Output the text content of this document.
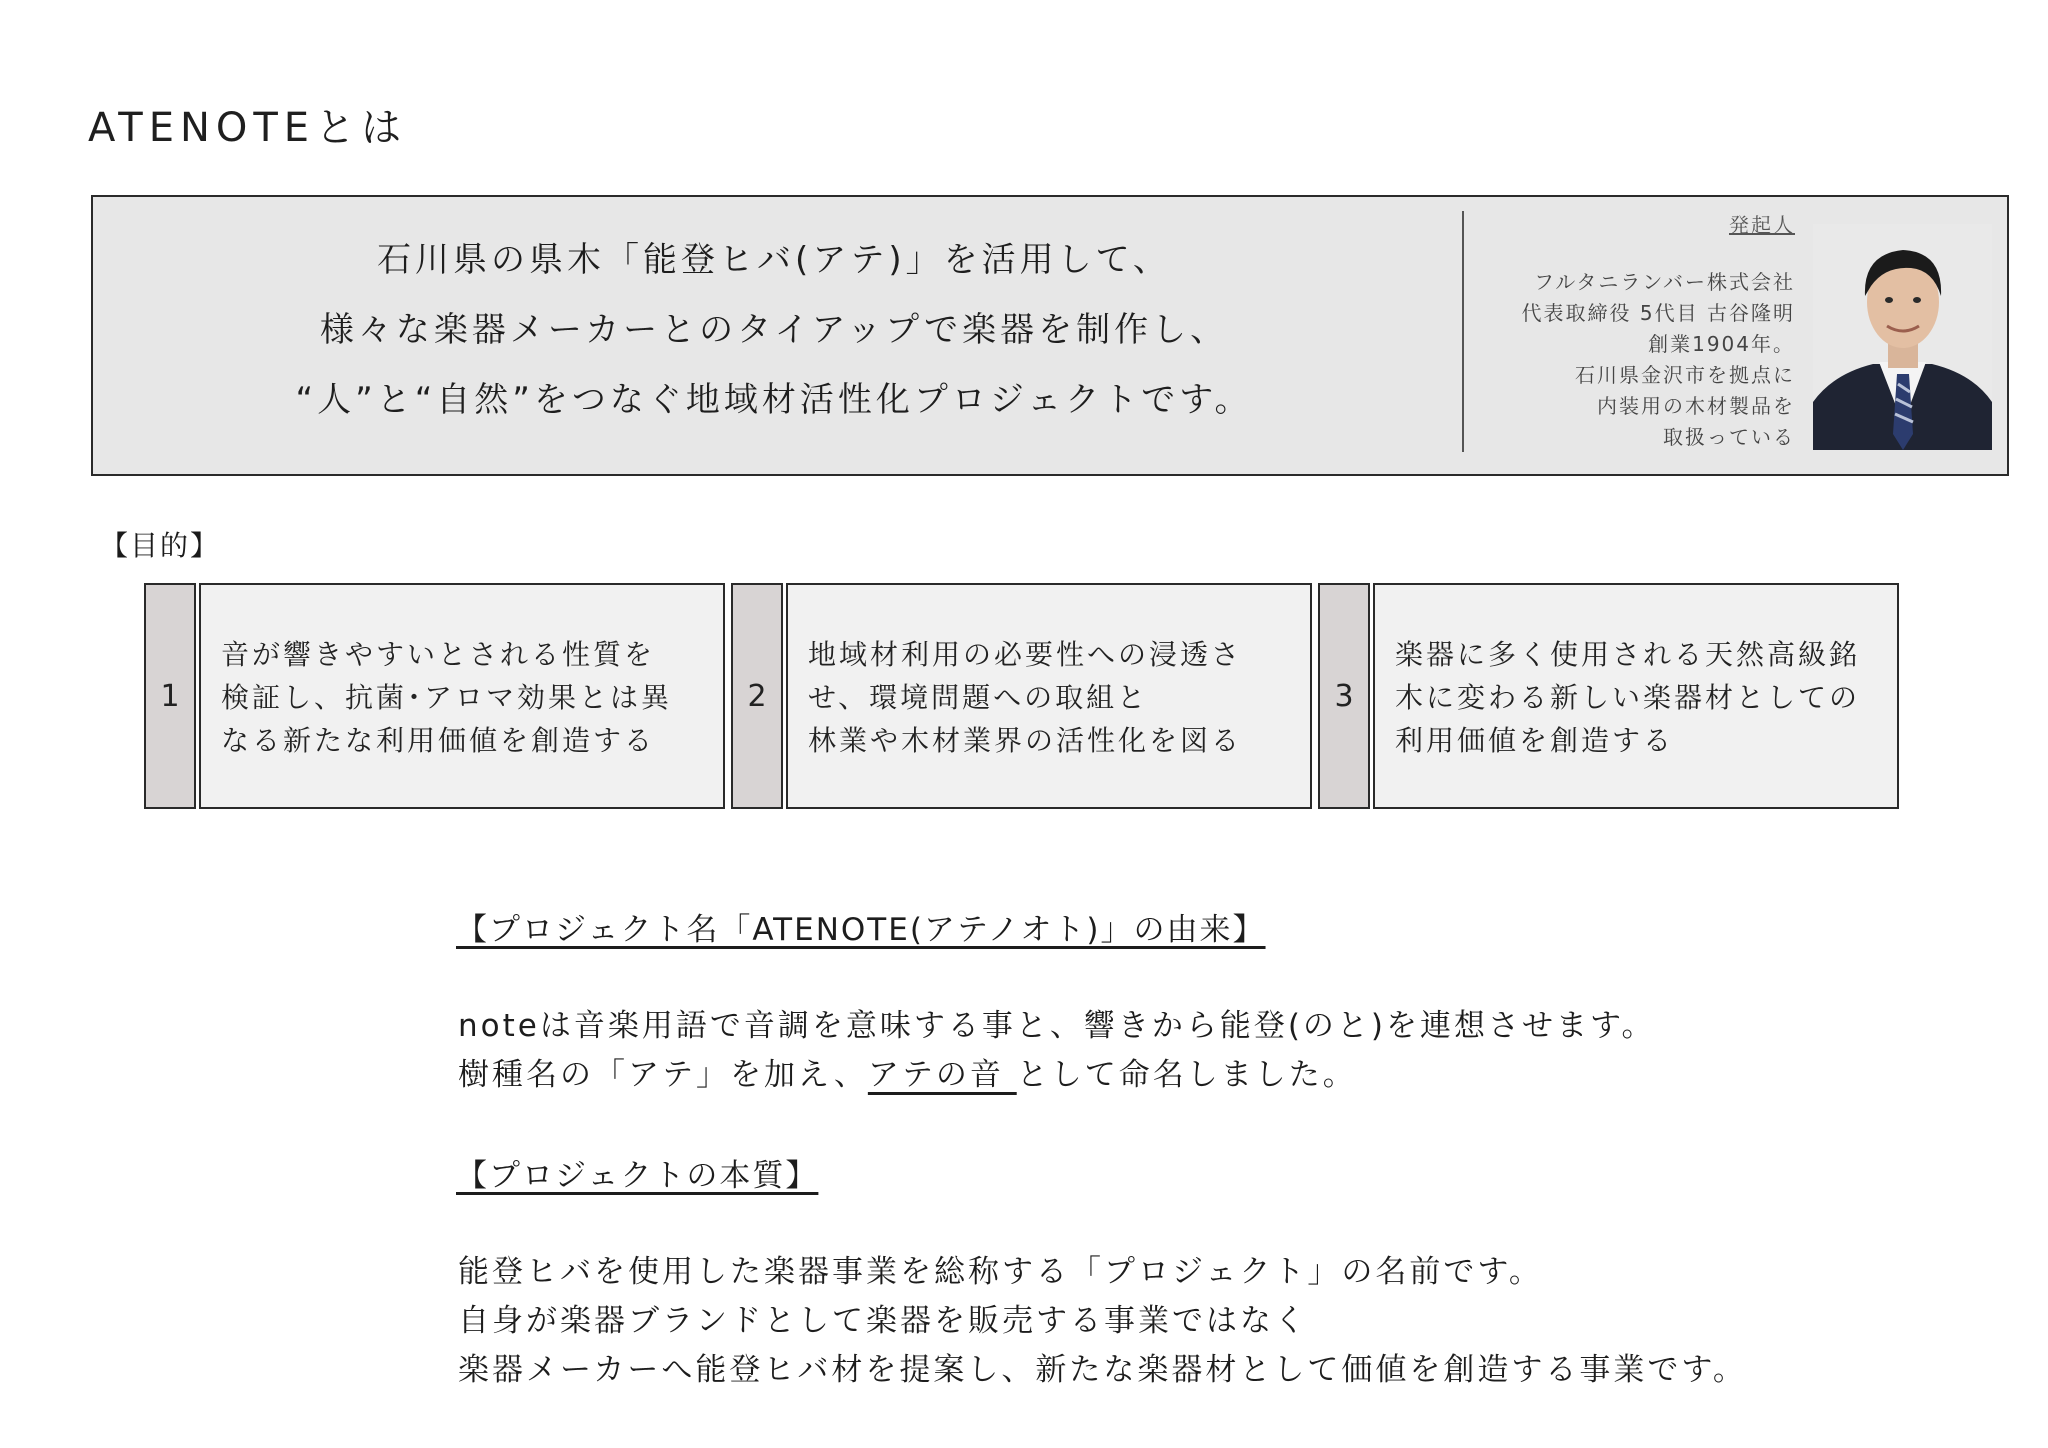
ATENOTEとは
石川県の県木「能登ヒバ(アテ)」を活用して、
様々な楽器メーカーとのタイアップで楽器を制作し、
“人”と“自然”をつなぐ地域材活性化プロジェクトです。
発起人
フルタニランバー株式会社
代表取締役 5代目 古谷隆明
創業1904年。
石川県金沢市を拠点に
内装用の木材製品を
取扱っている
【目的】
1
音が響きやすいとされる性質を
検証し、抗菌･アロマ効果とは異
なる新たな利用価値を創造する
2
地域材利用の必要性への浸透さ
せ、環境問題への取組と
林業や木材業界の活性化を図る
3
楽器に多く使用される天然高級銘
木に変わる新しい楽器材としての
利用価値を創造する
【プロジェクト名「ATENOTE(アテノオト)」の由来】
noteは音楽用語で音調を意味する事と、響きから能登(のと)を連想させます。
樹種名の「アテ」を加え、アテの音 として命名しました。
【プロジェクトの本質】
能登ヒバを使用した楽器事業を総称する「プロジェクト」の名前です。
自身が楽器ブランドとして楽器を販売する事業ではなく
楽器メーカーへ能登ヒバ材を提案し、新たな楽器材として価値を創造する事業です。
